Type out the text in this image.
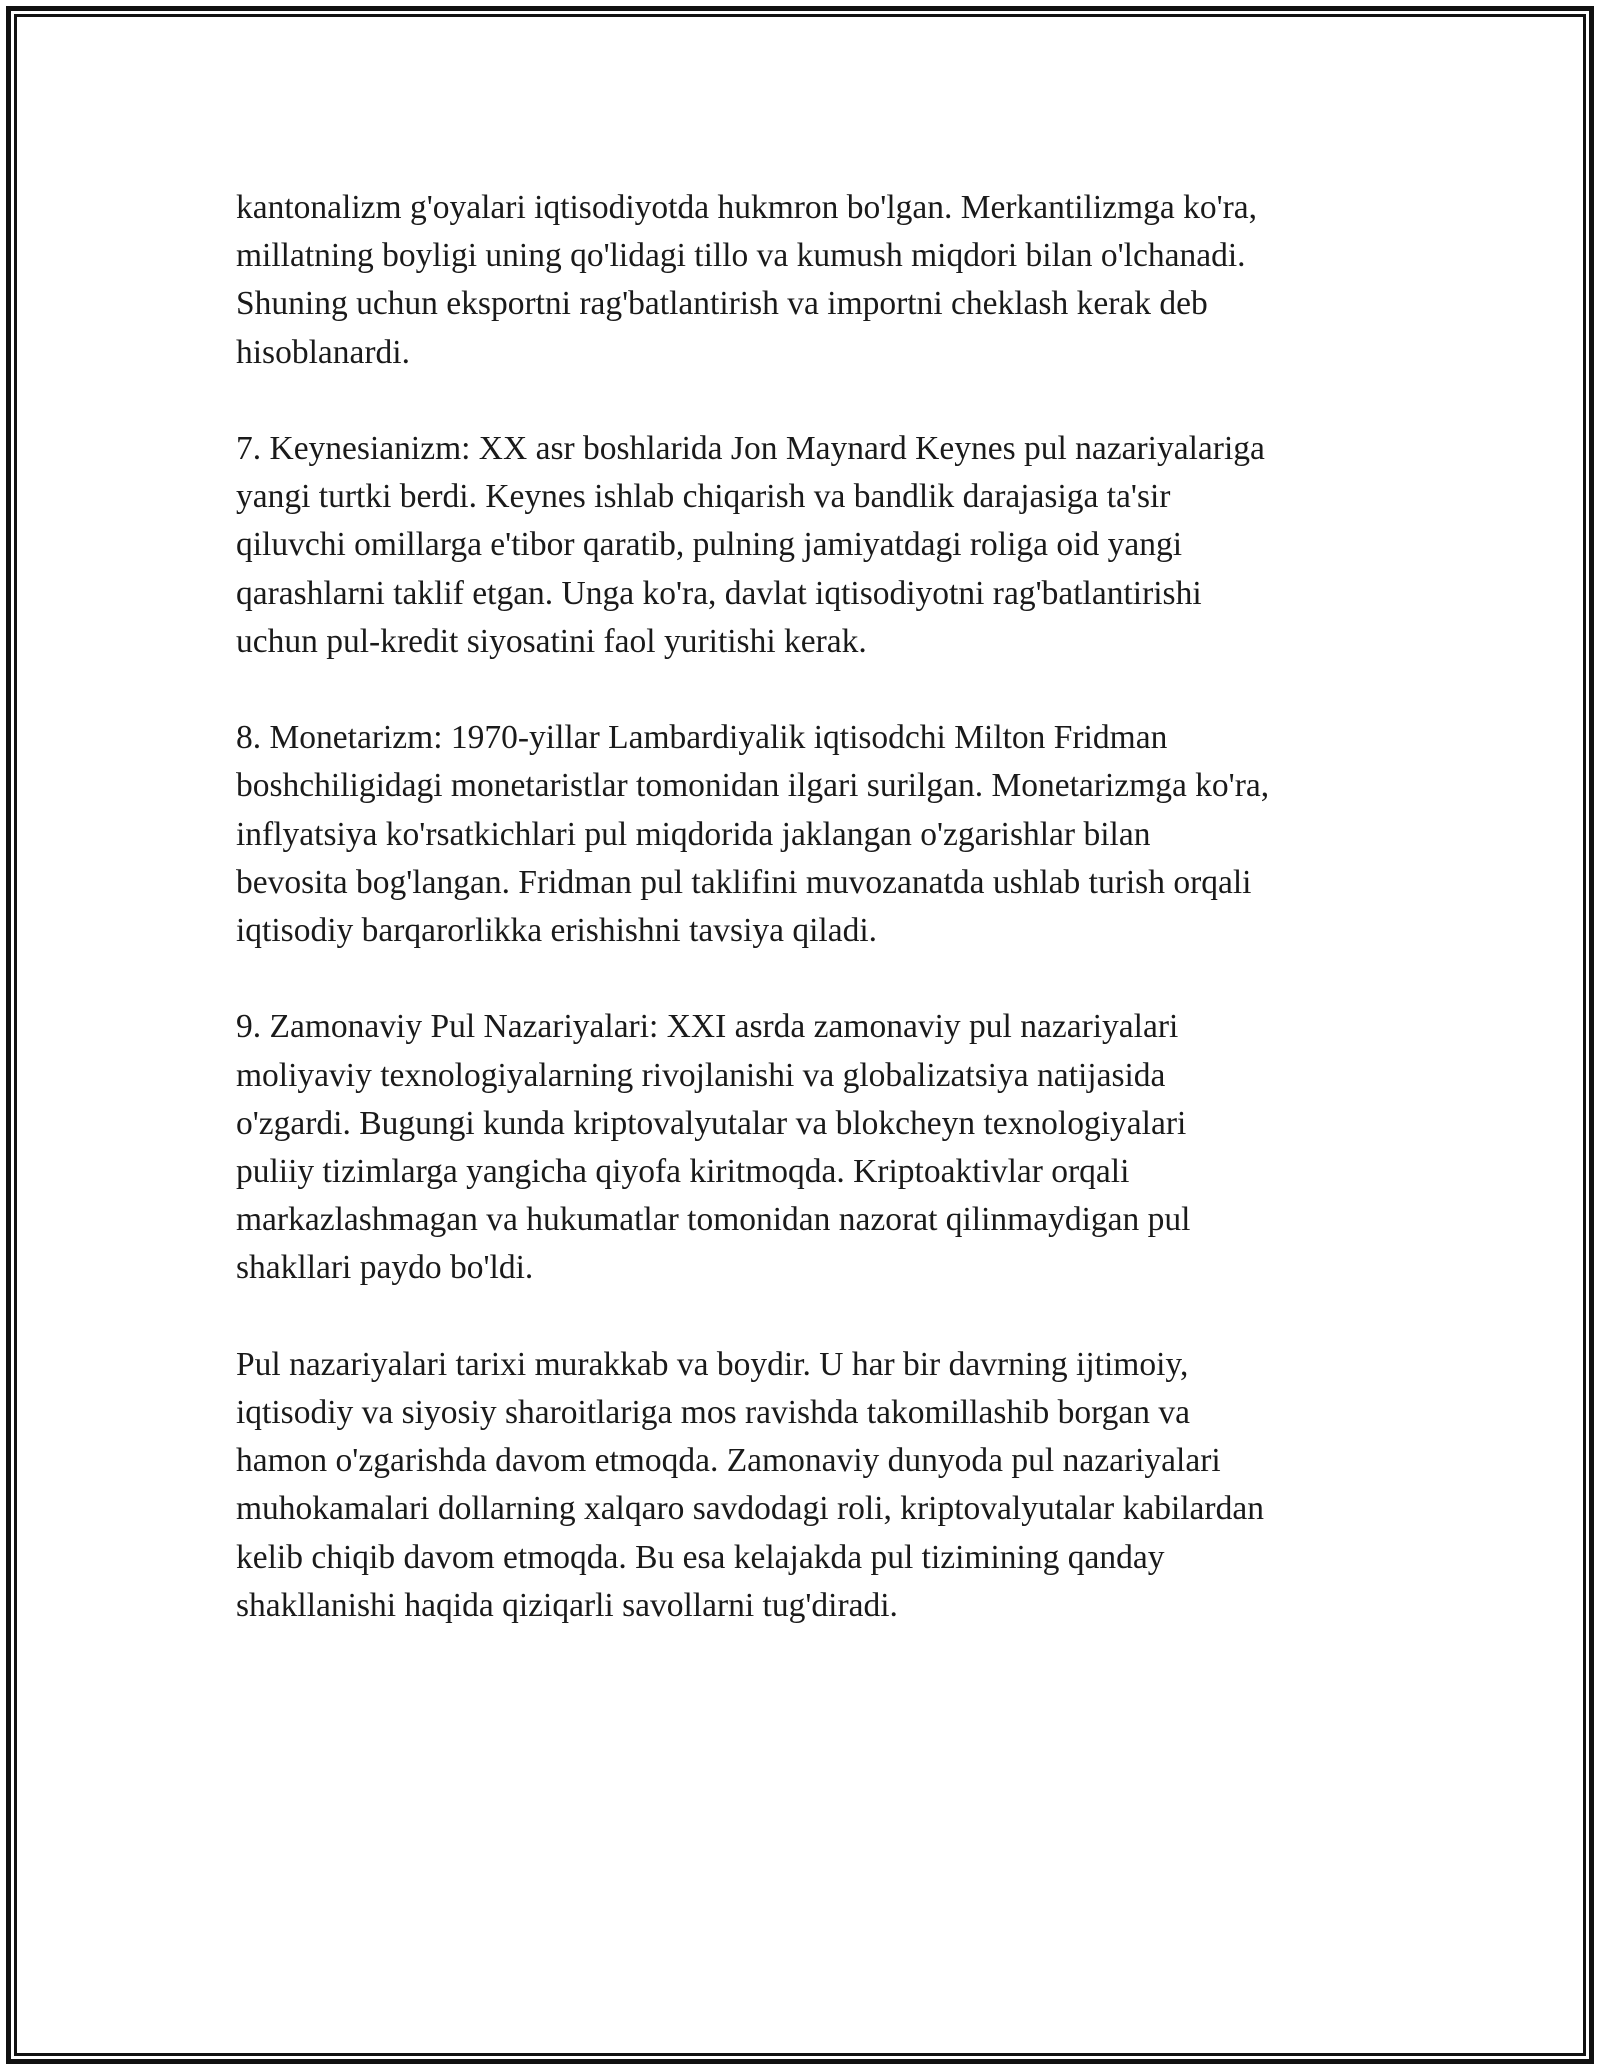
kantonalizm g'oyalari iqtisodiyotda hukmron bo'lgan. Merkantilizmga ko'ra,
millatning boyligi uning qo'lidagi tillo va kumush miqdori bilan o'lchanadi.
Shuning uchun eksportni rag'batlantirish va importni cheklash kerak deb
hisoblanardi.

7. Keynesianizm: XX asr boshlarida Jon Maynard Keynes pul nazariyalariga
yangi turtki berdi. Keynes ishlab chiqarish va bandlik darajasiga ta'sir
qiluvchi omillarga e'tibor qaratib, pulning jamiyatdagi roliga oid yangi
qarashlarni taklif etgan. Unga ko'ra, davlat iqtisodiyotni rag'batlantirishi
uchun pul-kredit siyosatini faol yuritishi kerak.

8. Monetarizm: 1970-yillar Lambardiyalik iqtisodchi Milton Fridman
boshchiligidagi monetaristlar tomonidan ilgari surilgan. Monetarizmga ko'ra,
inflyatsiya ko'rsatkichlari pul miqdorida jaklangan o'zgarishlar bilan
bevosita bog'langan. Fridman pul taklifini muvozanatda ushlab turish orqali
iqtisodiy barqarorlikka erishishni tavsiya qiladi.

9. Zamonaviy Pul Nazariyalari: XXI asrda zamonaviy pul nazariyalari
moliyaviy texnologiyalarning rivojlanishi va globalizatsiya natijasida
o'zgardi. Bugungi kunda kriptovalyutalar va blokcheyn texnologiyalari
puliiy tizimlarga yangicha qiyofa kiritmoqda. Kriptoaktivlar orqali
markazlashmagan va hukumatlar tomonidan nazorat qilinmaydigan pul
shakllari paydo bo'ldi.

Pul nazariyalari tarixi murakkab va boydir. U har bir davrning ijtimoiy,
iqtisodiy va siyosiy sharoitlariga mos ravishda takomillashib borgan va
hamon o'zgarishda davom etmoqda. Zamonaviy dunyoda pul nazariyalari
muhokamalari dollarning xalqaro savdodagi roli, kriptovalyutalar kabilardan
kelib chiqib davom etmoqda. Bu esa kelajakda pul tizimining qanday
shakllanishi haqida qiziqarli savollarni tug'diradi.
